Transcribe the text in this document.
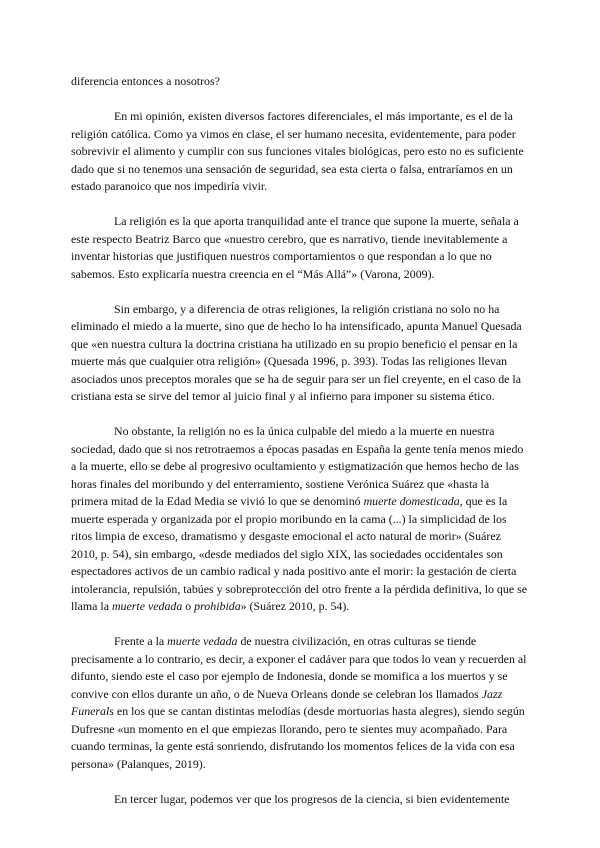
diferencia entonces a nosotros?

En mi opinión, existen diversos factores diferenciales, el más importante, es el de la religión católica. Como ya vimos en clase, el ser humano necesita, evidentemente, para poder sobrevivir el alimento y cumplir con sus funciones vitales biológicas, pero esto no es suficiente dado que si no tenemos una sensación de seguridad, sea esta cierta o falsa, entraríamos en un estado paranoico que nos impediría vivir.

La religión es la que aporta tranquilidad ante el trance que supone la muerte, señala a este respecto Beatriz Barco que «nuestro cerebro, que es narrativo, tiende inevitablemente a inventar historias que justifiquen nuestros comportamientos o que respondan a lo que no sabemos. Esto explicaría nuestra creencia en el “Más Allá”» (Varona, 2009).

Sin embargo, y a diferencia de otras religiones, la religión cristiana no solo no ha eliminado el miedo a la muerte, sino que de hecho lo ha intensificado, apunta Manuel Quesada que «en nuestra cultura la doctrina cristiana ha utilizado en su propio beneficio el pensar en la muerte más que cualquier otra religión» (Quesada 1996, p. 393). Todas las religiones llevan asociados unos preceptos morales que se ha de seguir para ser un fiel creyente, en el caso de la cristiana esta se sirve del temor al juicio final y al infierno para imponer su sistema ético.

No obstante, la religión no es la única culpable del miedo a la muerte en nuestra sociedad, dado que si nos retrotraemos a épocas pasadas en España la gente tenía menos miedo a la muerte, ello se debe al progresivo ocultamiento y estigmatización que hemos hecho de las horas finales del moribundo y del enterramiento, sostiene Verónica Suárez que «hasta la primera mitad de la Edad Media se vivió lo que se denominó muerte domesticada, que es la muerte esperada y organizada por el propio moribundo en la cama (...) la simplicidad de los ritos limpia de exceso, dramatismo y desgaste emocional el acto natural de morir» (Suárez 2010, p. 54), sin embargo, «desde mediados del siglo XIX, las sociedades occidentales son espectadores activos de un cambio radical y nada positivo ante el morir: la gestación de cierta intolerancia, repulsión, tabúes y sobreprotección del otro frente a la pérdida definitiva, lo que se llama la muerte vedada o prohibida» (Suárez 2010, p. 54).

Frente a la muerte vedada de nuestra civilización, en otras culturas se tiende precisamente a lo contrario, es decir, a exponer el cadáver para que todos lo vean y recuerden al difunto, siendo este el caso por ejemplo de Indonesia, donde se momifica a los muertos y se convive con ellos durante un año, o de Nueva Orleans donde se celebran los llamados Jazz Funerals en los que se cantan distintas melodías (desde mortuorias hasta alegres), siendo según Dufresne «un momento en el que empiezas llorando, pero te sientes muy acompañado. Para cuando terminas, la gente está sonriendo, disfrutando los momentos felices de la vida con esa persona» (Palanques, 2019).

En tercer lugar, podemos ver que los progresos de la ciencia, si bien evidentemente
